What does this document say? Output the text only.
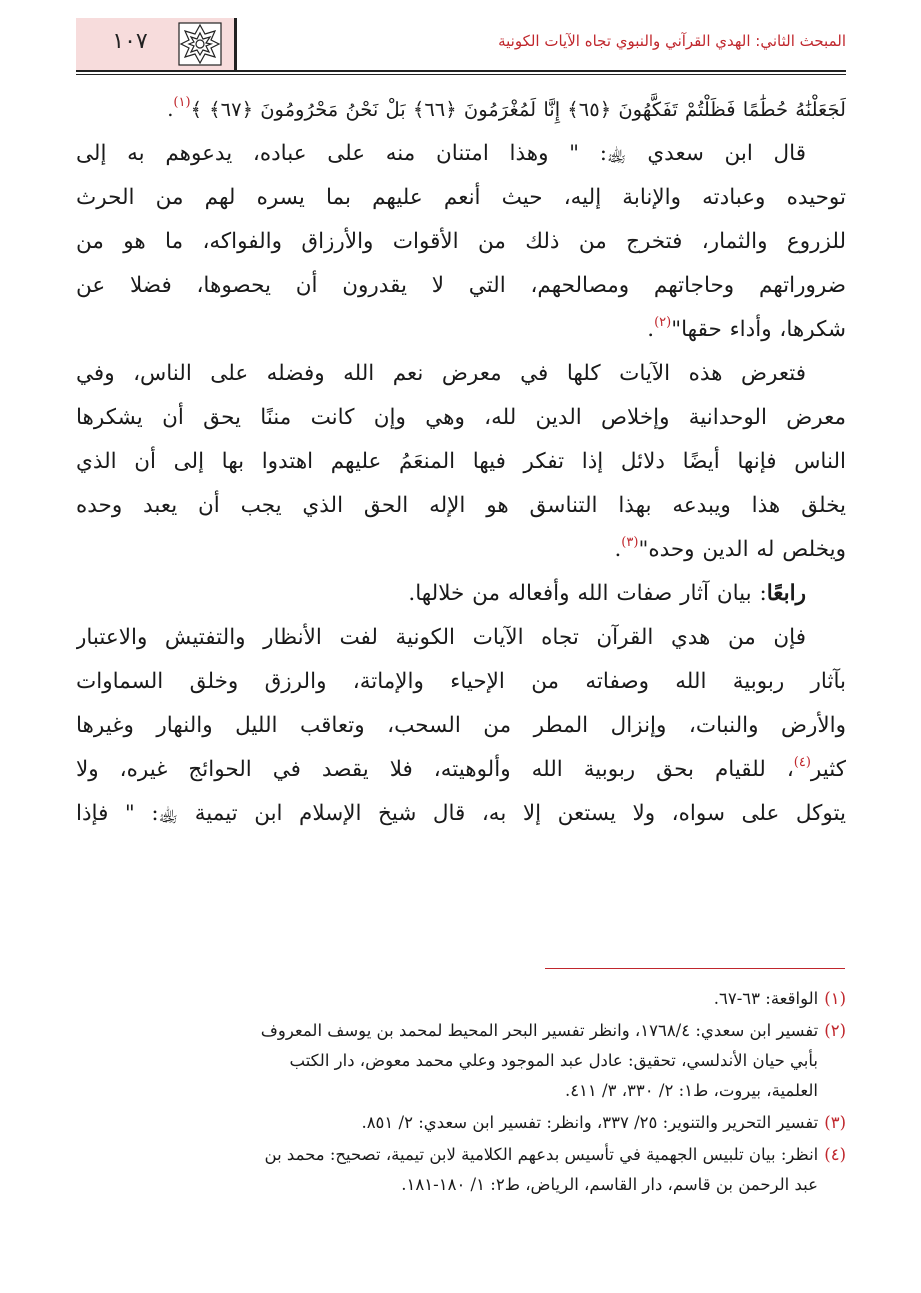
المبحث الثاني: الهدي القرآني والنبوي تجاه الآيات الكونية
١٠٧
لَجَعَلْنَٰهُ حُطَٰمًا فَظَلْتُمْ تَفَكَّهُونَ ﴿٦٥﴾ إِنَّا لَمُغْرَمُونَ ﴿٦٦﴾ بَلْ نَحْنُ مَحْرُومُونَ ﴿٦٧﴾ ﴾$^{(١)}$.
قال ابن سعدي ﵀: " وهذا امتنان منه على عباده، يدعوهم به إلى
توحيده وعبادته والإنابة إليه، حيث أنعم عليهم بما يسره لهم من الحرث
للزروع والثمار، فتخرج من ذلك من الأقوات والأرزاق والفواكه، ما هو من
ضروراتهم وحاجاتهم ومصالحهم، التي لا يقدرون أن يحصوها، فضلا عن
شكرها، وأداء حقها"$^{(٢)}$.
فتعرض هذه الآيات كلها في معرض نعم الله وفضله على الناس، وفي
معرض الوحدانية وإخلاص الدين لله، وهي وإن كانت مننًا يحق أن يشكرها
الناس فإنها أيضًا دلائل إذا تفكر فيها المنعَمُ عليهم اهتدوا بها إلى أن الذي
يخلق هذا ويبدعه بهذا التناسق هو الإله الحق الذي يجب أن يعبد وحده
ويخلص له الدين وحده"$^{(٣)}$.
رابعًا: بيان آثار صفات الله وأفعاله من خلالها.
فإن من هدي القرآن تجاه الآيات الكونية لفت الأنظار والتفتيش والاعتبار
بآثار ربوبية الله وصفاته من الإحياء والإماتة، والرزق وخلق السماوات
والأرض والنبات، وإنزال المطر من السحب، وتعاقب الليل والنهار وغيرها
كثير$^{(٤)}$، للقيام بحق ربوبية الله وألوهيته، فلا يقصد في الحوائج غيره، ولا
يتوكل على سواه، ولا يستعن إلا به، قال شيخ الإسلام ابن تيمية ﵀: " فإذا
(١)الواقعة: ٦٣-٦٧.
(٢)تفسير ابن سعدي: ١٧٦٨/٤، وانظر تفسير البحر المحيط لمحمد بن يوسف المعروف
بأبي حيان الأندلسي، تحقيق: عادل عبد الموجود وعلي محمد معوض، دار الكتب
العلمية، بيروت، ط١: ٢/ ٣٣٠، ٣/ ٤١١.
(٣)تفسير التحرير والتنوير: ٢٥/ ٣٣٧، وانظر: تفسير ابن سعدي: ٢/ ٨٥١.
(٤)انظر: بيان تلبيس الجهمية في تأسيس بدعهم الكلامية لابن تيمية، تصحيح: محمد بن
عبد الرحمن بن قاسم، دار القاسم، الرياض، ط٢: ١/ ١٨٠-١٨١.
